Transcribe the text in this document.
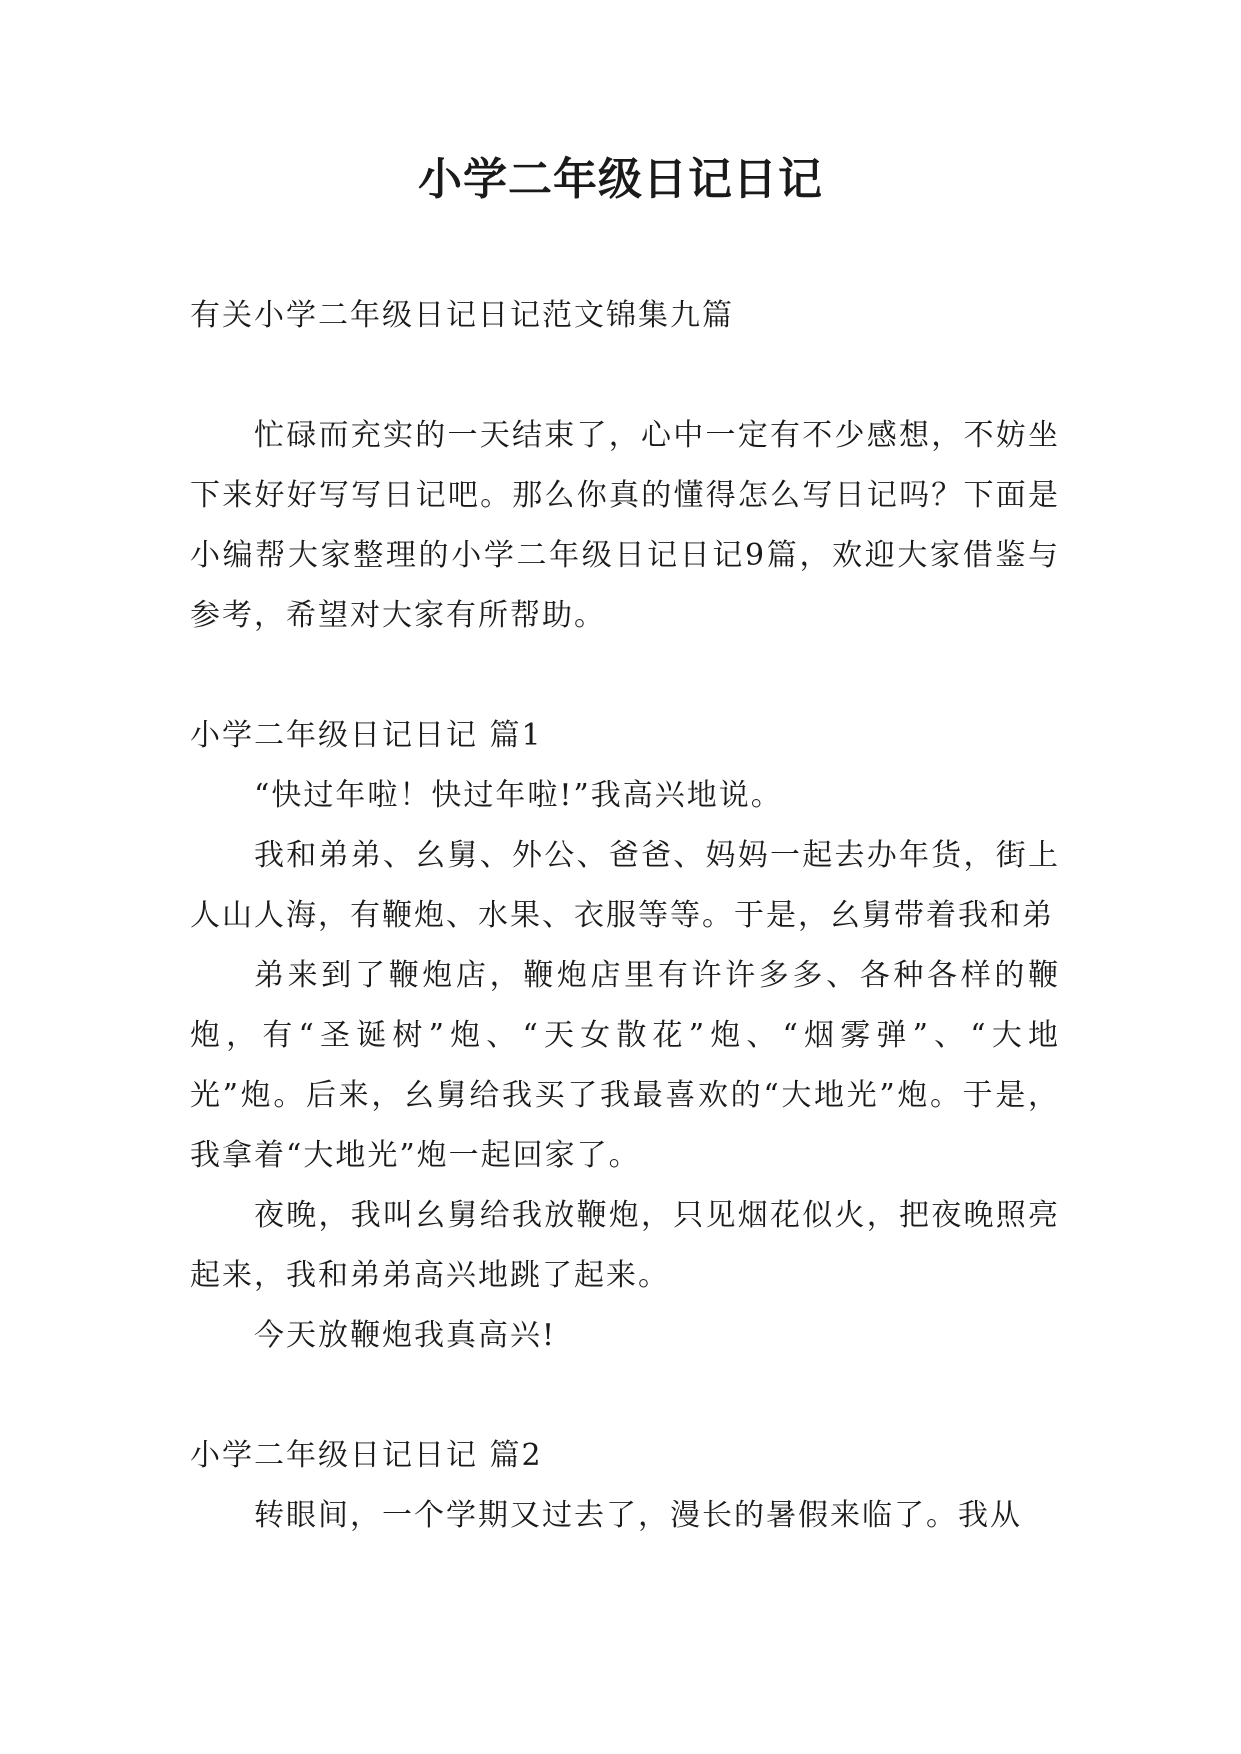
小学二年级日记日记

有关小学二年级日记日记范文锦集九篇

忙碌而充实的一天结束了，心中一定有不少感想，不妨坐下来好好写写日记吧。那么你真的懂得怎么写日记吗？下面是小编帮大家整理的小学二年级日记日记9篇，欢迎大家借鉴与参考，希望对大家有所帮助。

小学二年级日记日记 篇1

“快过年啦！快过年啦!”我高兴地说。

我和弟弟、幺舅、外公、爸爸、妈妈一起去办年货，街上人山人海，有鞭炮、水果、衣服等等。于是，幺舅带着我和弟

弟来到了鞭炮店，鞭炮店里有许许多多、各种各样的鞭炮，有“圣诞树”炮、“天女散花”炮、“烟雾弹”、“大地光”炮。后来，幺舅给我买了我最喜欢的“大地光”炮。于是，我拿着“大地光”炮一起回家了。

夜晚，我叫幺舅给我放鞭炮，只见烟花似火，把夜晚照亮起来，我和弟弟高兴地跳了起来。

今天放鞭炮我真高兴!

小学二年级日记日记 篇2

转眼间，一个学期又过去了，漫长的暑假来临了。我从
